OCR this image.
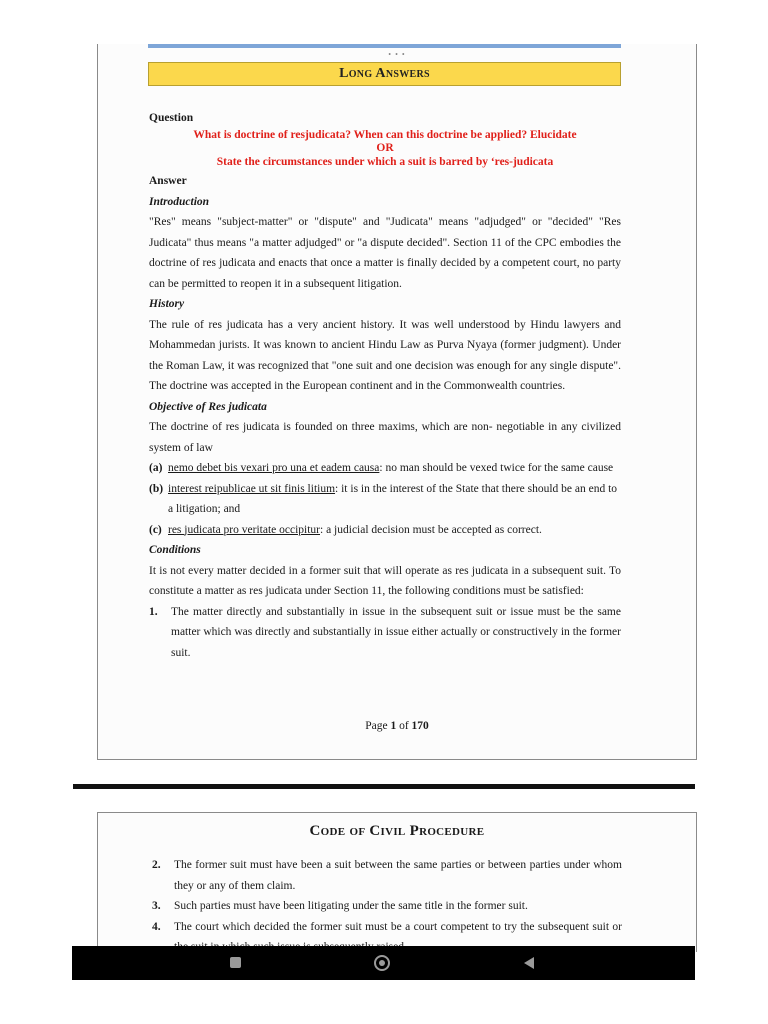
• • •
Long Answers
Question
What is doctrine of resjudicata? When can this doctrine be applied? Elucidate
OR
State the circumstances under which a suit is barred by ‘res-judicata
Answer
Introduction
"Res" means "subject-matter" or "dispute" and "Judicata" means "adjudged" or "decided" "Res Judicata" thus means "a matter adjudged" or "a dispute decided". Section 11 of the CPC embodies the doctrine of res judicata and enacts that once a matter is finally decided by a competent court, no party can be permitted to reopen it in a subsequent litigation.
History
The rule of res judicata has a very ancient history. It was well understood by Hindu lawyers and Mohammedan jurists. It was known to ancient Hindu Law as Purva Nyaya (former judgment). Under the Roman Law, it was recognized that "one suit and one decision was enough for any single dispute". The doctrine was accepted in the European continent and in the Commonwealth countries.
Objective of Res judicata
The doctrine of res judicata is founded on three maxims, which are non- negotiable in any civilized system of law
(a) nemo debet bis vexari pro una et eadem causa: no man should be vexed twice for the same cause
(b) interest reipublicae ut sit finis litium: it is in the interest of the State that there should be an end to a litigation; and
(c) res judicata pro veritate occipitur: a judicial decision must be accepted as correct.
Conditions
It is not every matter decided in a former suit that will operate as res judicata in a subsequent suit. To constitute a matter as res judicata under Section 11, the following conditions must be satisfied:
1.	The matter directly and substantially in issue in the subsequent suit or issue must be the same matter which was directly and substantially in issue either actually or constructively in the former suit.
Page 1 of 170
Code of Civil Procedure
2.	The former suit must have been a suit between the same parties or between parties under whom they or any of them claim.
3.	Such parties must have been litigating under the same title in the former suit.
4.	The court which decided the former suit must be a court competent to try the subsequent suit or
